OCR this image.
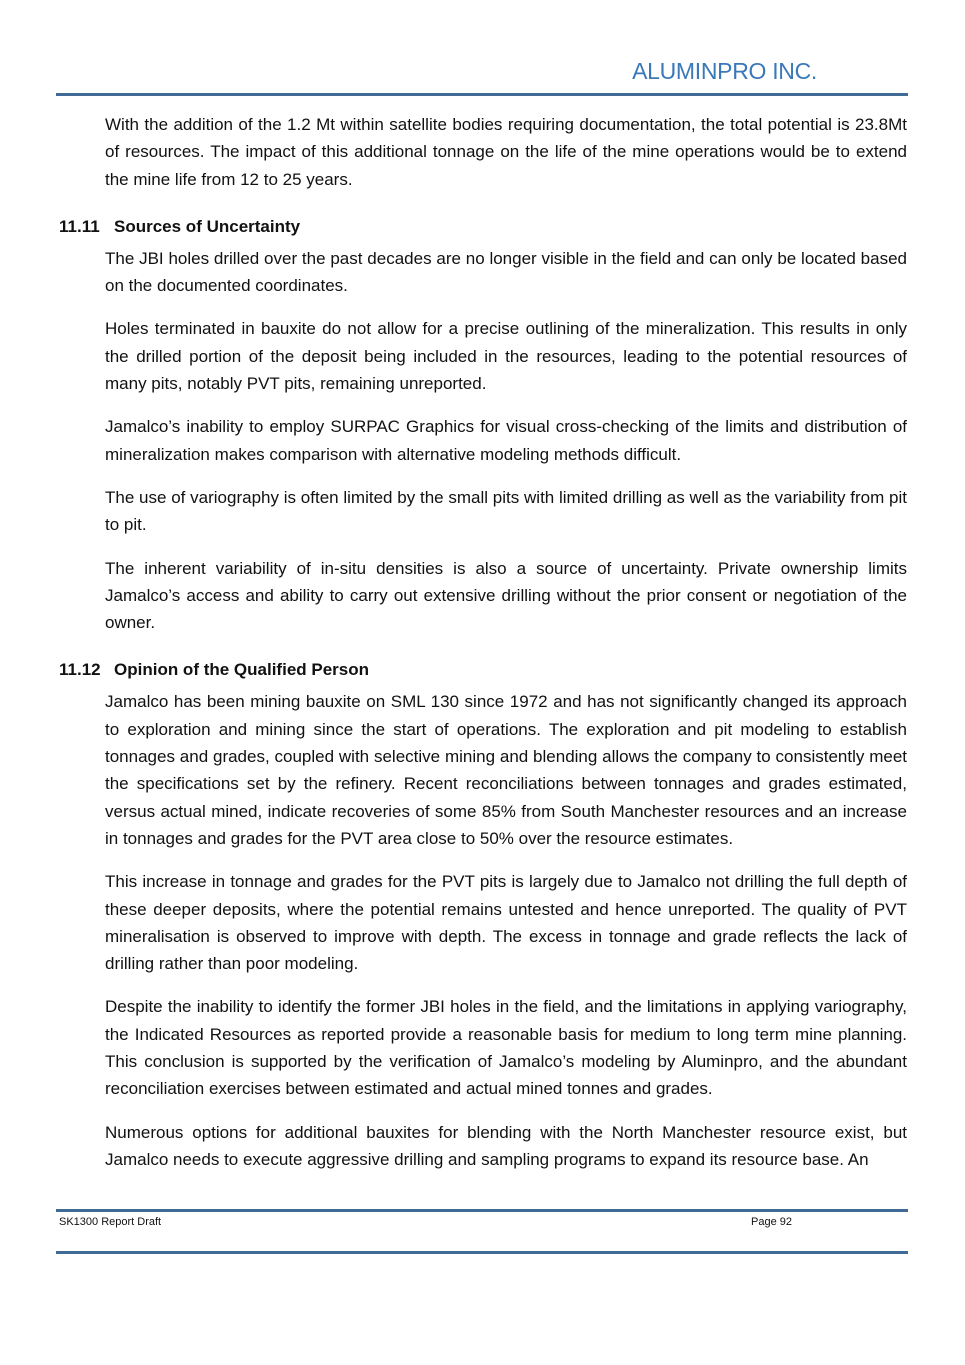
ALUMINPRO INC.

With the addition of the 1.2 Mt within satellite bodies requiring documentation, the total potential is 23.8Mt of resources. The impact of this additional tonnage on the life of the mine operations would be to extend the mine life from 12 to 25 years.

11.11 Sources of Uncertainty

The JBI holes drilled over the past decades are no longer visible in the field and can only be located based on the documented coordinates.

Holes terminated in bauxite do not allow for a precise outlining of the mineralization. This results in only the drilled portion of the deposit being included in the resources, leading to the potential resources of many pits, notably PVT pits, remaining unreported.

Jamalco’s inability to employ SURPAC Graphics for visual cross-checking of the limits and distribution of mineralization makes comparison with alternative modeling methods difficult.

The use of variography is often limited by the small pits with limited drilling as well as the variability from pit to pit.

The inherent variability of in-situ densities is also a source of uncertainty. Private ownership limits Jamalco’s access and ability to carry out extensive drilling without the prior consent or negotiation of the owner.

11.12 Opinion of the Qualified Person

Jamalco has been mining bauxite on SML 130 since 1972 and has not significantly changed its approach to exploration and mining since the start of operations. The exploration and pit modeling to establish tonnages and grades, coupled with selective mining and blending allows the company to consistently meet the specifications set by the refinery. Recent reconciliations between tonnages and grades estimated, versus actual mined, indicate recoveries of some 85% from South Manchester resources and an increase in tonnages and grades for the PVT area close to 50% over the resource estimates.

This increase in tonnage and grades for the PVT pits is largely due to Jamalco not drilling the full depth of these deeper deposits, where the potential remains untested and hence unreported. The quality of PVT mineralisation is observed to improve with depth. The excess in tonnage and grade reflects the lack of drilling rather than poor modeling.

Despite the inability to identify the former JBI holes in the field, and the limitations in applying variography, the Indicated Resources as reported provide a reasonable basis for medium to long term mine planning. This conclusion is supported by the verification of Jamalco’s modeling by Aluminpro, and the abundant reconciliation exercises between estimated and actual mined tonnes and grades.

Numerous options for additional bauxites for blending with the North Manchester resource exist, but Jamalco needs to execute aggressive drilling and sampling programs to expand its resource base. An

SK1300 Report Draft	Page 92
